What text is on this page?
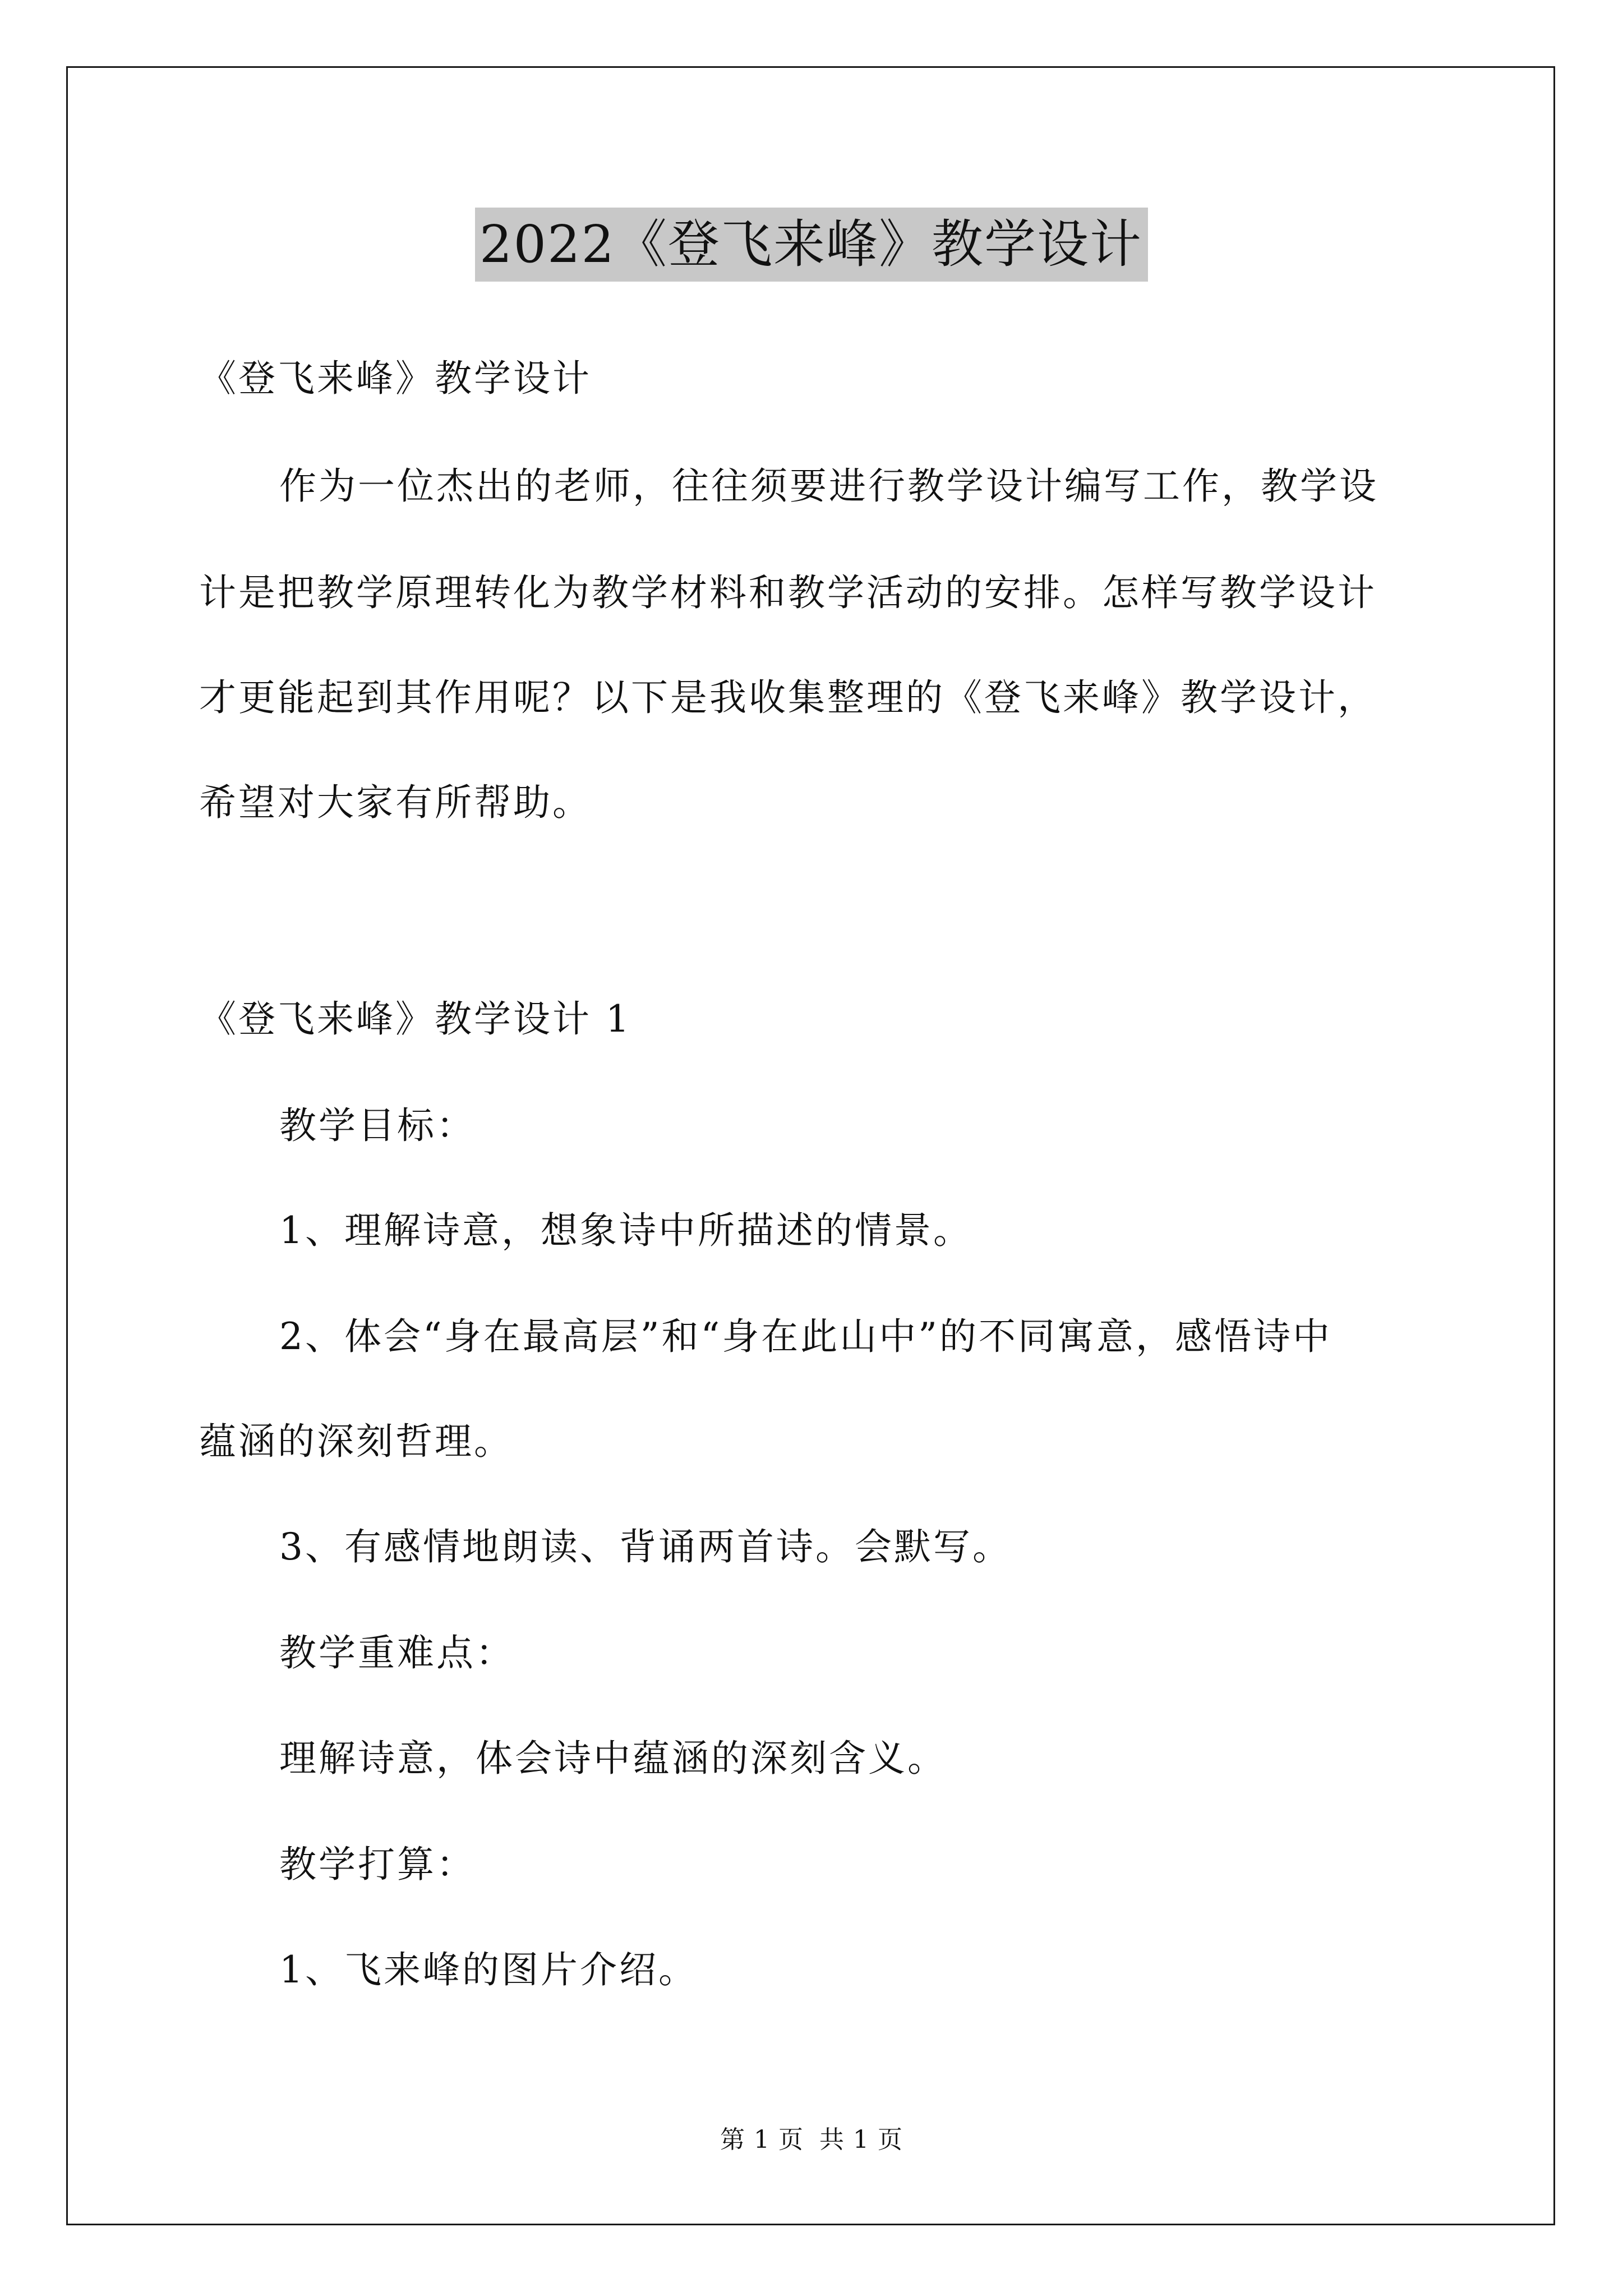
2022《登飞来峰》教学设计
《登飞来峰》教学设计
作为一位杰出的老师，往往须要进行教学设计编写工作，教学设
计是把教学原理转化为教学材料和教学活动的安排。怎样写教学设计
才更能起到其作用呢？以下是我收集整理的《登飞来峰》教学设计，
希望对大家有所帮助。
《登飞来峰》教学设计 1
教学目标：
1、理解诗意，想象诗中所描述的情景。
2、体会“身在最高层”和“身在此山中”的不同寓意，感悟诗中
蕴涵的深刻哲理。
3、有感情地朗读、背诵两首诗。会默写。
教学重难点：
理解诗意，体会诗中蕴涵的深刻含义。
教学打算：
1、飞来峰的图片介绍。
第 1 页 共 1 页
